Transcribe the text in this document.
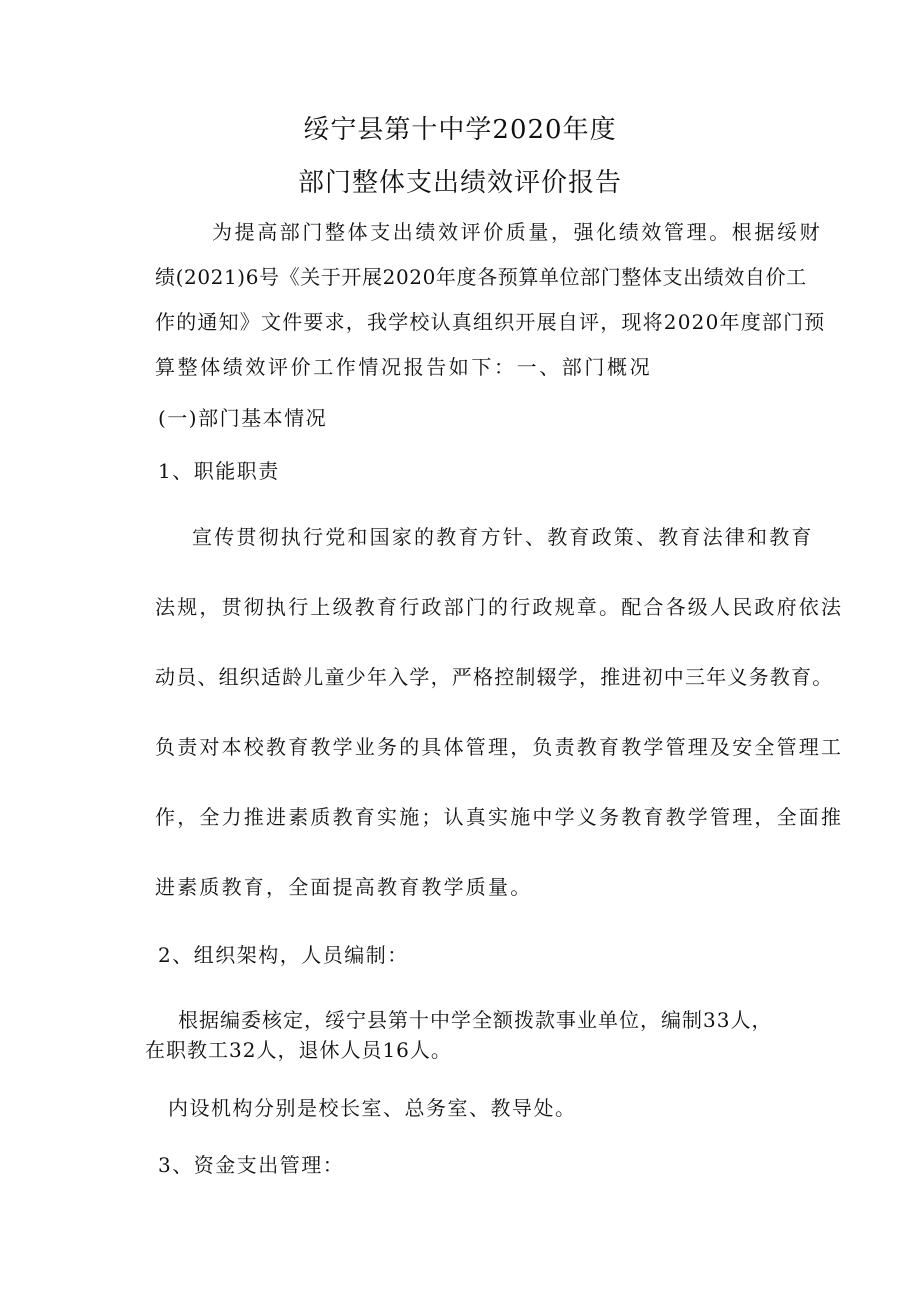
绥宁县第十中学2020年度
部门整体支出绩效评价报告
为提高部门整体支出绩效评价质量，强化绩效管理。根据绥财
绩(2021)6号《关于开展2020年度各预算单位部门整体支出绩效自价工
作的通知》文件要求，我学校认真组织开展自评，现将2020年度部门预
算整体绩效评价工作情况报告如下：一、部门概况
(一)部门基本情况
1、职能职责
宣传贯彻执行党和国家的教育方针、教育政策、教育法律和教育
法规，贯彻执行上级教育行政部门的行政规章。配合各级人民政府依法
动员、组织适龄儿童少年入学，严格控制辍学，推进初中三年义务教育。
负责对本校教育教学业务的具体管理，负责教育教学管理及安全管理工
作，全力推进素质教育实施；认真实施中学义务教育教学管理，全面推
进素质教育，全面提高教育教学质量。
2、组织架构，人员编制：
根据编委核定，绥宁县第十中学全额拨款事业单位，编制33人，
在职教工32人，退休人员16人。
内设机构分别是校长室、总务室、教导处。
3、资金支出管理：
